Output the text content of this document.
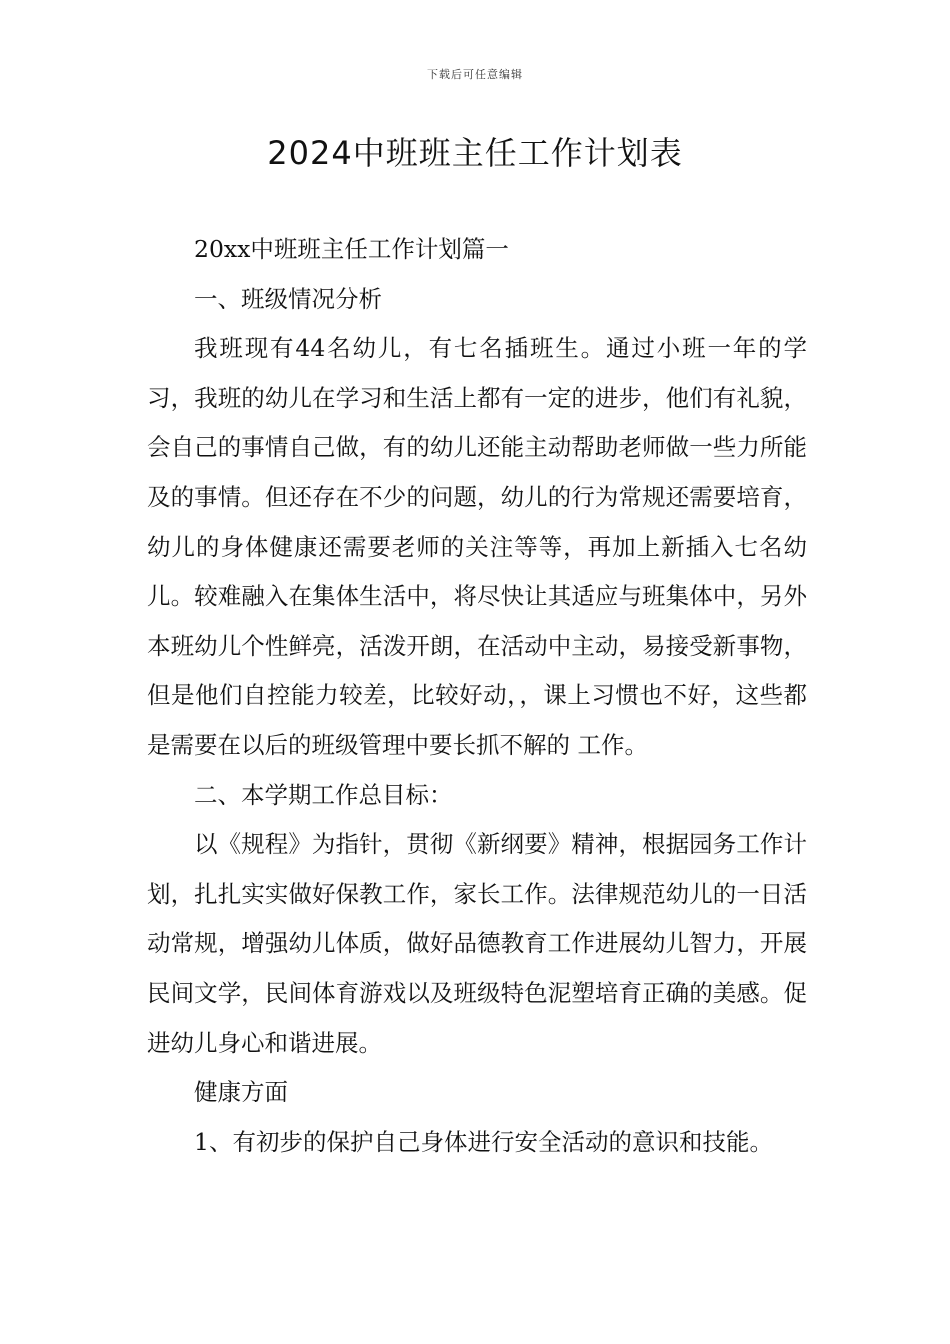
下载后可任意编辑
2024中班班主任工作计划表

20xx中班班主任工作计划篇一

一、班级情况分析

我班现有44名幼儿，有七名插班生。通过小班一年的学习，我班的幼儿在学习和生活上都有一定的进步，他们有礼貌，会自己的事情自己做，有的幼儿还能主动帮助老师做一些力所能及的事情。但还存在不少的问题，幼儿的行为常规还需要培育，幼儿的身体健康还需要老师的关注等等，再加上新插入七名幼儿。较难融入在集体生活中，将尽快让其适应与班集体中，另外本班幼儿个性鲜亮，活泼开朗，在活动中主动，易接受新事物，但是他们自控能力较差，比较好动，，课上习惯也不好，这些都是需要在以后的班级管理中要长抓不解的 工作。

二、本学期工作总目标：

以《规程》为指针，贯彻《新纲要》精神，根据园务工作计划，扎扎实实做好保教工作，家长工作。法律规范幼儿的一日活动常规，增强幼儿体质，做好品德教育工作进展幼儿智力，开展民间文学，民间体育游戏以及班级特色泥塑培育正确的美感。促进幼儿身心和谐进展。

健康方面

1、有初步的保护自己身体进行安全活动的意识和技能。
